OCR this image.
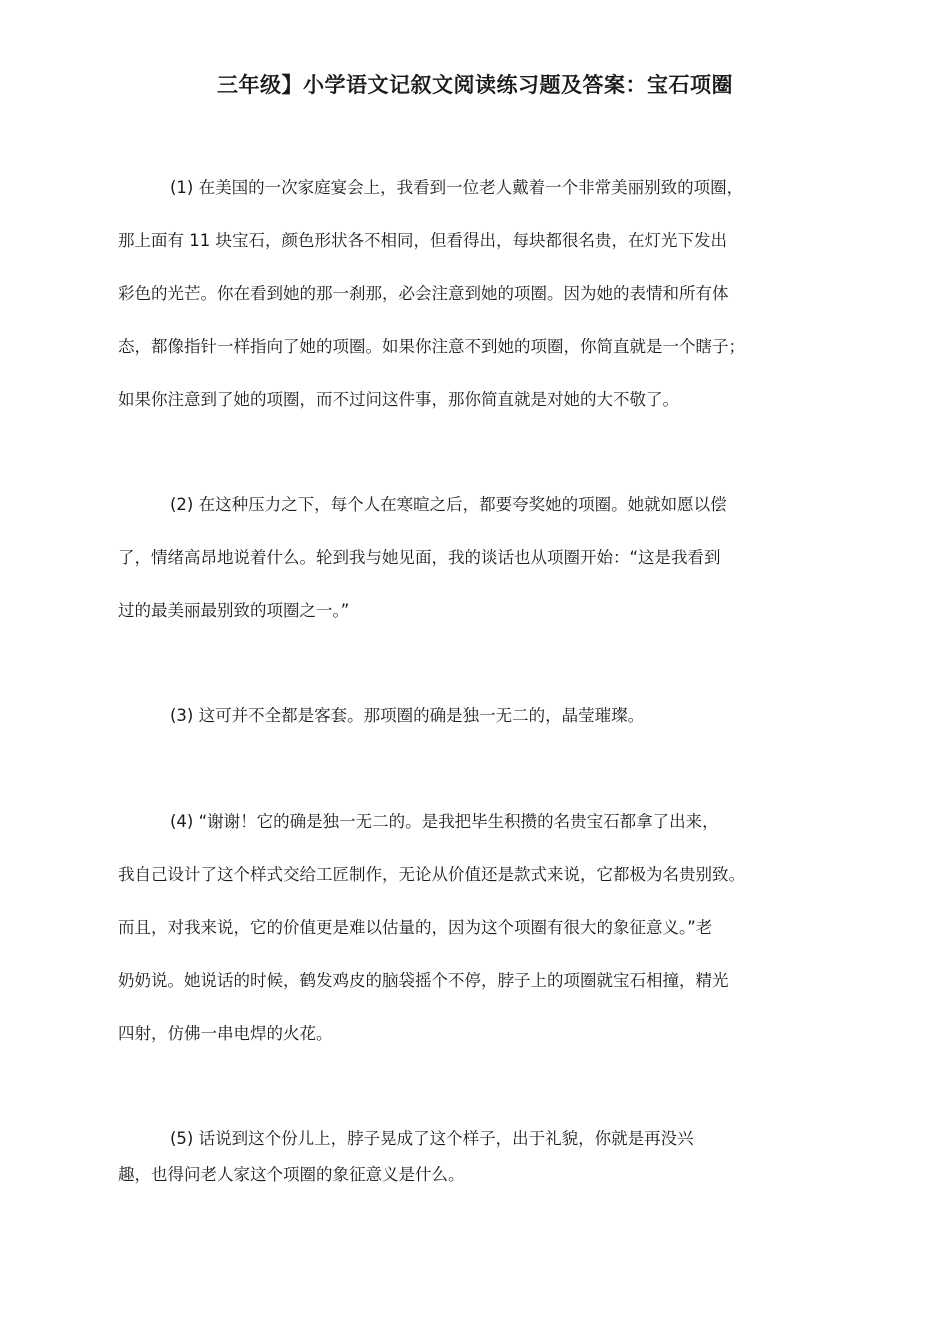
三年级】小学语文记叙文阅读练习题及答案：宝石项圈
(1) 在美国的一次家庭宴会上，我看到一位老人戴着一个非常美丽别致的项圈，
那上面有 11 块宝石，颜色形状各不相同，但看得出，每块都很名贵，在灯光下发出
彩色的光芒。你在看到她的那一刹那，必会注意到她的项圈。因为她的表情和所有体
态，都像指针一样指向了她的项圈。如果你注意不到她的项圈，你简直就是一个瞎子；
如果你注意到了她的项圈，而不过问这件事，那你简直就是对她的大不敬了。
(2) 在这种压力之下，每个人在寒暄之后，都要夸奖她的项圈。她就如愿以偿
了，情绪高昂地说着什么。轮到我与她见面，我的谈话也从项圈开始：“这是我看到
过的最美丽最别致的项圈之一。”
(3) 这可并不全都是客套。那项圈的确是独一无二的，晶莹璀璨。
(4) “谢谢！它的确是独一无二的。是我把毕生积攒的名贵宝石都拿了出来，
我自己设计了这个样式交给工匠制作，无论从价值还是款式来说，它都极为名贵别致。
而且，对我来说，它的价值更是难以估量的，因为这个项圈有很大的象征意义。”老
奶奶说。她说话的时候，鹤发鸡皮的脑袋摇个不停，脖子上的项圈就宝石相撞，精光
四射，仿佛一串电焊的火花。
(5) 话说到这个份儿上，脖子晃成了这个样子，出于礼貌，你就是再没兴
趣，也得问老人家这个项圈的象征意义是什么。
